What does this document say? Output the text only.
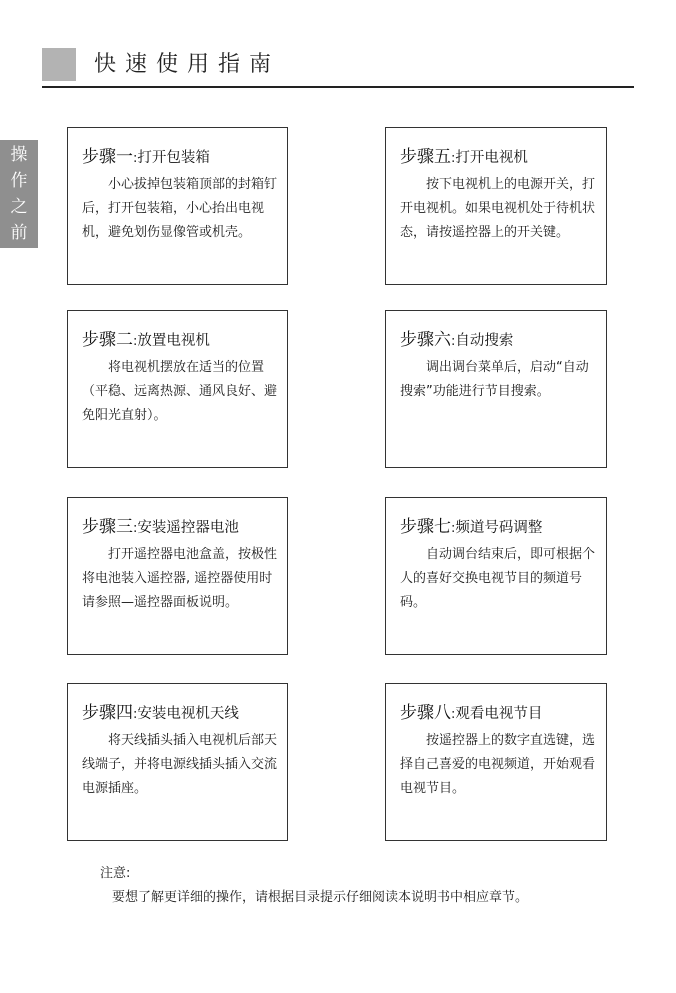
快速使用指南
操
作
之
前
步骤一:打开包装箱
小心拔掉包装箱顶部的封箱钉后，打开包装箱，小心抬出电视机，避免划伤显像管或机壳。
步骤二:放置电视机
将电视机摆放在适当的位置（平稳、远离热源、通风良好、避免阳光直射）。
步骤三:安装遥控器电池
打开遥控器电池盒盖，按极性将电池装入遥控器, 遥控器使用时请参照—遥控器面板说明。
步骤四:安装电视机天线
将天线插头插入电视机后部天线端子，并将电源线插头插入交流电源插座。
步骤五:打开电视机
按下电视机上的电源开关，打开电视机。如果电视机处于待机状态，请按遥控器上的开关键。
步骤六:自动搜索
调出调台菜单后，启动“自动搜索”功能进行节目搜索。
步骤七:频道号码调整
自动调台结束后，即可根据个人的喜好交换电视节目的频道号码。
步骤八:观看电视节目
按遥控器上的数字直选键，选择自己喜爱的电视频道，开始观看电视节目。
注意:
要想了解更详细的操作，请根据目录提示仔细阅读本说明书中相应章节。
